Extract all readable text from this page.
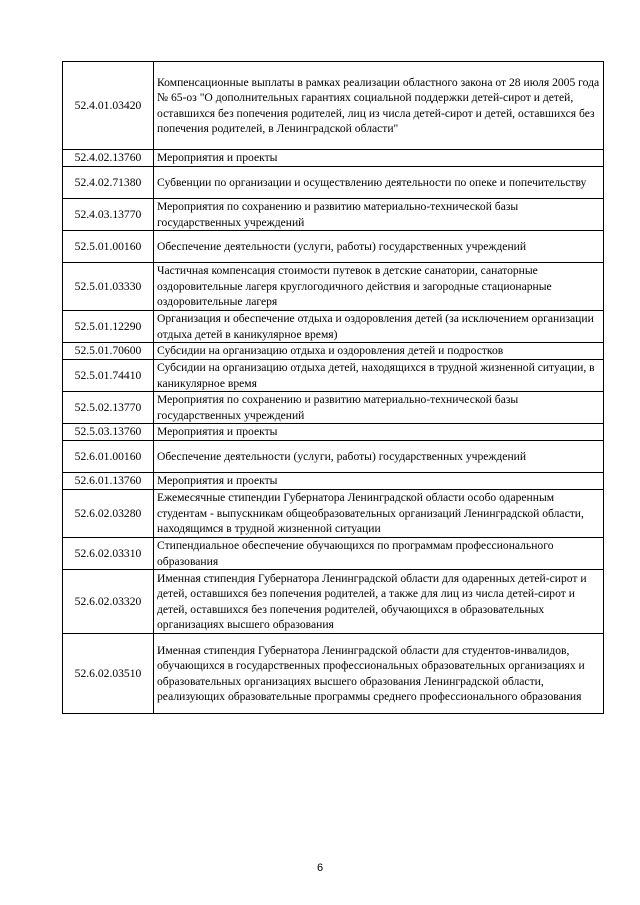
52.4.01.03420	Компенсационные выплаты в рамках реализации областного закона от 28 июля 2005 года № 65-оз "О дополнительных гарантиях социальной поддержки детей-сирот и детей, оставшихся без попечения родителей, лиц из числа детей-сирот и детей, оставшихся без попечения родителей, в Ленинградской области"
52.4.02.13760	Мероприятия и проекты
52.4.02.71380	Субвенции по организации и осуществлению деятельности по опеке и попечительству
52.4.03.13770	Мероприятия по сохранению и развитию материально-технической базы государственных учреждений
52.5.01.00160	Обеспечение деятельности (услуги, работы) государственных учреждений
52.5.01.03330	Частичная компенсация стоимости путевок в детские санатории, санаторные оздоровительные лагеря круглогодичного действия и загородные стационарные оздоровительные лагеря
52.5.01.12290	Организация и обеспечение отдыха и оздоровления детей (за исключением организации отдыха детей в каникулярное время)
52.5.01.70600	Субсидии на организацию отдыха и оздоровления детей и подростков
52.5.01.74410	Субсидии на организацию отдыха детей, находящихся в трудной жизненной ситуации, в каникулярное время
52.5.02.13770	Мероприятия по сохранению и развитию материально-технической базы государственных учреждений
52.5.03.13760	Мероприятия и проекты
52.6.01.00160	Обеспечение деятельности (услуги, работы) государственных учреждений
52.6.01.13760	Мероприятия и проекты
52.6.02.03280	Ежемесячные стипендии Губернатора Ленинградской области особо одаренным студентам - выпускникам общеобразовательных организаций Ленинградской области, находящимся в трудной жизненной ситуации
52.6.02.03310	Стипендиальное обеспечение обучающихся по программам профессионального образования
52.6.02.03320	Именная стипендия Губернатора Ленинградской области для одаренных детей-сирот и детей, оставшихся без попечения родителей, а также для лиц из числа детей-сирот и детей, оставшихся без попечения родителей, обучающихся в образовательных организациях высшего образования
52.6.02.03510	Именная стипендия Губернатора Ленинградской области для студентов-инвалидов, обучающихся в государственных профессиональных образовательных организациях и образовательных организациях высшего образования Ленинградской области, реализующих образовательные программы среднего профессионального образования
6
